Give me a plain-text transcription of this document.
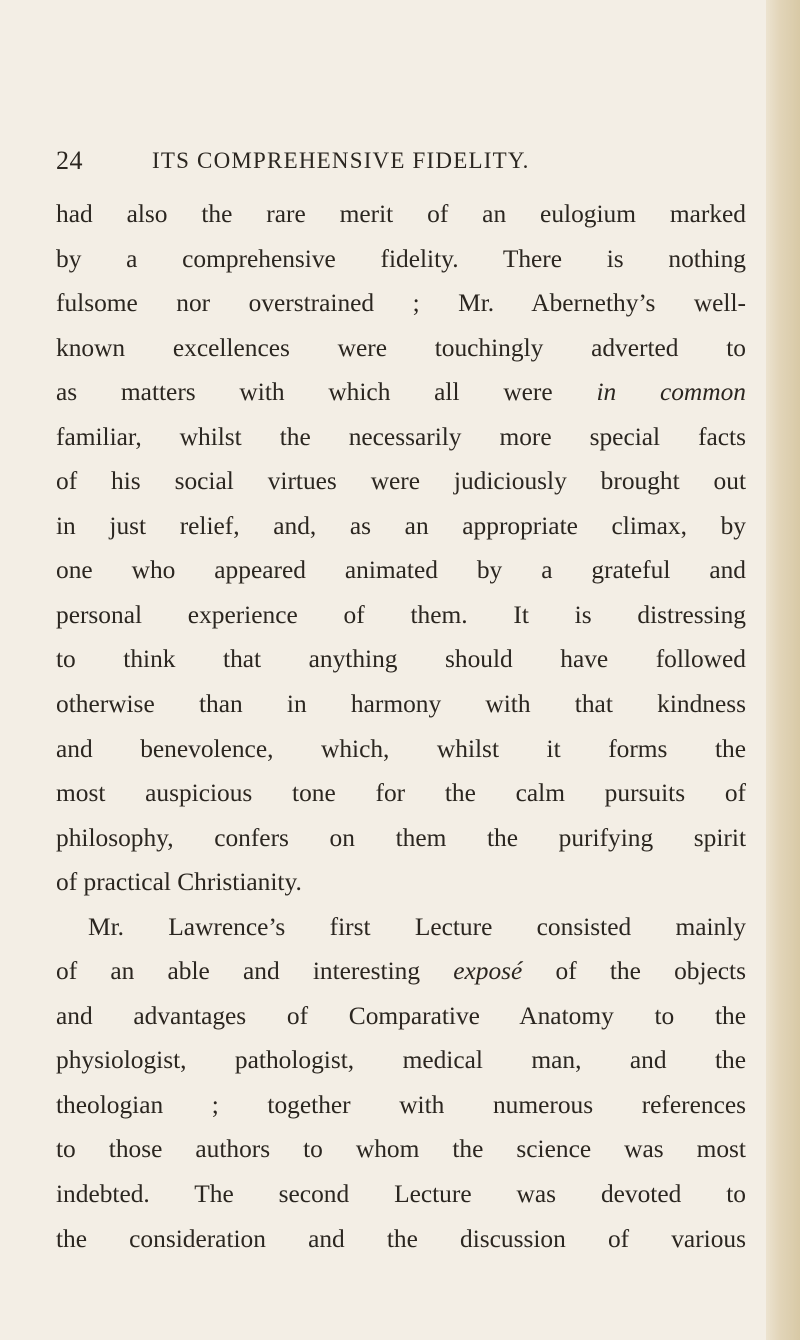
24	ITS COMPREHENSIVE FIDELITY.
had also the rare merit of an eulogium marked
by a comprehensive fidelity. There is nothing
fulsome nor overstrained ; Mr. Abernethy’s well-
known excellences were touchingly adverted to
as matters with which all were in common
familiar, whilst the necessarily more special facts
of his social virtues were judiciously brought out
in just relief, and, as an appropriate climax, by
one who appeared animated by a grateful and
personal experience of them. It is distressing
to think that anything should have followed
otherwise than in harmony with that kindness
and benevolence, which, whilst it forms the
most auspicious tone for the calm pursuits of
philosophy, confers on them the purifying spirit
of practical Christianity.
Mr. Lawrence’s first Lecture consisted mainly
of an able and interesting exposé of the objects
and advantages of Comparative Anatomy to the
physiologist, pathologist, medical man, and the
theologian ; together with numerous references
to those authors to whom the science was most
indebted. The second Lecture was devoted to
the consideration and the discussion of various
